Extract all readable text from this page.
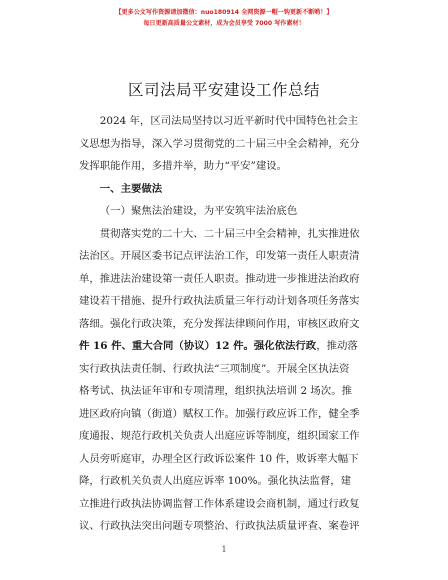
【更多公文写作资源请加微信：nuo180914 全网资源一帽一钩更新不断哟！】
每日更新高质量公文素材，成为会员享受 7000 写作素材！
区司法局平安建设工作总结

2024 年，区司法局坚持以习近平新时代中国特色社会主
义思想为指导，深入学习贯彻党的二十届三中全会精神，充分
发挥职能作用，多措并举，助力“平安”建设。

一、主要做法

（一）聚焦法治建设，为平安筑牢法治底色

贯彻落实党的二十大、二十届三中全会精神，扎实推进依
法治区。开展区委书记点评法治工作，印发第一责任人职责清
单，推进法治建设第一责任人职责。推动进一步推进法治政府
建设若干措施、提升行政执法质量三年行动计划各项任务落实
落细。强化行政决策，充分发挥法律顾问作用，审核区政府文
件 16 件、重大合同（协议）12 件。强化依法行政，推动落
实行政执法责任制、行政执法“三项制度”。开展全区执法资
格考试、执法证年审和专项清理，组织执法培训 2 场次。推
进区政府向镇（街道）赋权工作。加强行政应诉工作，健全季
度通报、规范行政机关负责人出庭应诉等制度，组织国家工作
人员旁听庭审，办理全区行政诉讼案件 10 件，败诉率大幅下
降，行政机关负责人出庭应诉率 100%。强化执法监督，建
立推进行政执法协调监督工作体系建设会商机制，通过行政复
议、行政执法突出问题专项整治、行政执法质量评查、案卷评

1
